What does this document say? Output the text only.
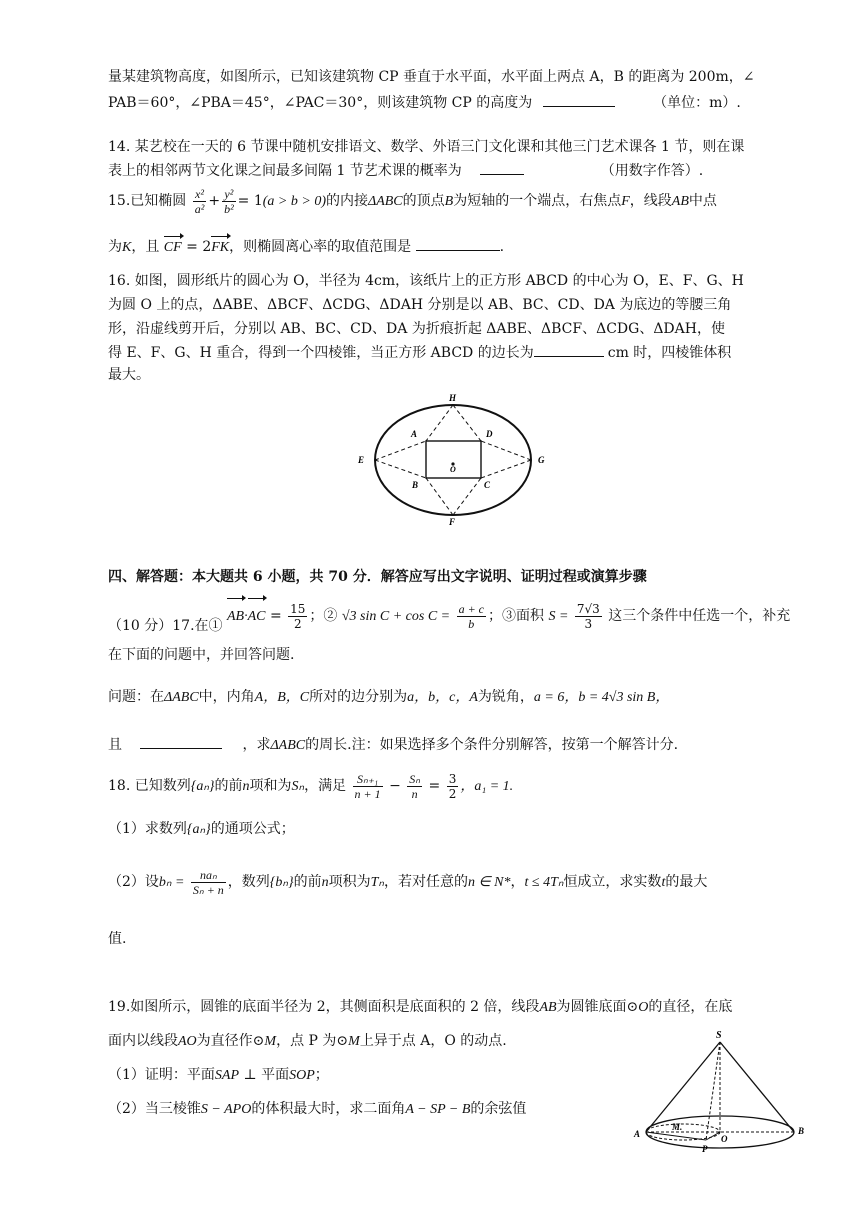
量某建筑物高度，如图所示，已知该建筑物 CP 垂直于水平面，水平面上两点 A，B 的距离为 200m，∠
PAB＝60°，∠PBA＝45°，∠PAC＝30°，则该建筑物 CP 的高度为	（单位：m）.
14. 某艺校在一天的 6 节课中随机安排语文、数学、外语三门文化课和其他三门艺术课各 1 节，则在课
表上的相邻两节文化课之间最多间隔 1 节艺术课的概率为	（用数字作答）.
15.已知椭圆 $\frac{\text{x²}}{\text{a²}} + \frac{\text{y²}}{\text{b²}} = 1(a > b > 0)$的内接ΔABC的顶点B为短轴的一个端点，右焦点F，线段AB中点
为K，且 CF = 2FK，则椭圆离心率的取值范围是	.
16. 如图，圆形纸片的圆心为 O，半径为 4cm，该纸片上的正方形 ABCD 的中心为 O，E、F、G、H
为圆 O 上的点，ΔABE、ΔBCF、ΔCDG、ΔDAH 分别是以 AB、BC、CD、DA 为底边的等腰三角
形，沿虚线剪开后，分别以 AB、BC、CD、DA 为折痕折起 ΔABE、ΔBCF、ΔCDG、ΔDAH，使
得 E、F、G、H 重合，得到一个四棱锥，当正方形 ABCD 的边长为	cm 时，四棱锥体积
最大。
H
E	G
F
A	D
B	C
O
四、解答题：本大题共 6 小题，共 70 分．解答应写出文字说明、证明过程或演算步骤
（10 分）17.在① $AB\cdot AC = \frac{15}{2}$ ；② √3 $\sin C + \cos C = \frac{a + c}{b}$ ；③面积 $S = \frac{7√3}{3}$ 这三个条件中任选一个，补充
在下面的问题中，并回答问题.
问题：在ΔABC中，内角A，B，C所对的边分别为a，b，c，A为锐角，a = 6，b = 4√3 sin B，
且	，求ΔABC的周长.注：如果选择多个条件分别解答，按第一个解答计分.
18. 已知数列{aₙ}的前n项和为Sₙ，满足 $\frac{\text{Sₙ₊₁}}{n + 1} - \frac{\text{Sₙ}}{n} = \frac{3}{2}$ ，a₁ = 1.
（1）求数列{aₙ}的通项公式；
（2）设$b_n = \frac{\text{naₙ}}{\text{Sₙ + n}}$ ，数列{bₙ}的前n项积为Tₙ，若对任意的n ∈ N*，t ≤ 4Tₙ恒成立，求实数t的最大
值.
19.如图所示，圆锥的底面半径为 2，其侧面积是底面积的 2 倍，线段AB为圆锥底面⊙O的直径，在底
面内以线段AO为直径作⊙M，点 P 为⊙M上异于点 A，O 的动点.
（1）证明：平面SAP ⊥ 平面SOP；
（2）当三棱锥S − APO的体积最大时，求二面角A − SP − B的余弦值
S
A	B
M.
O
P
